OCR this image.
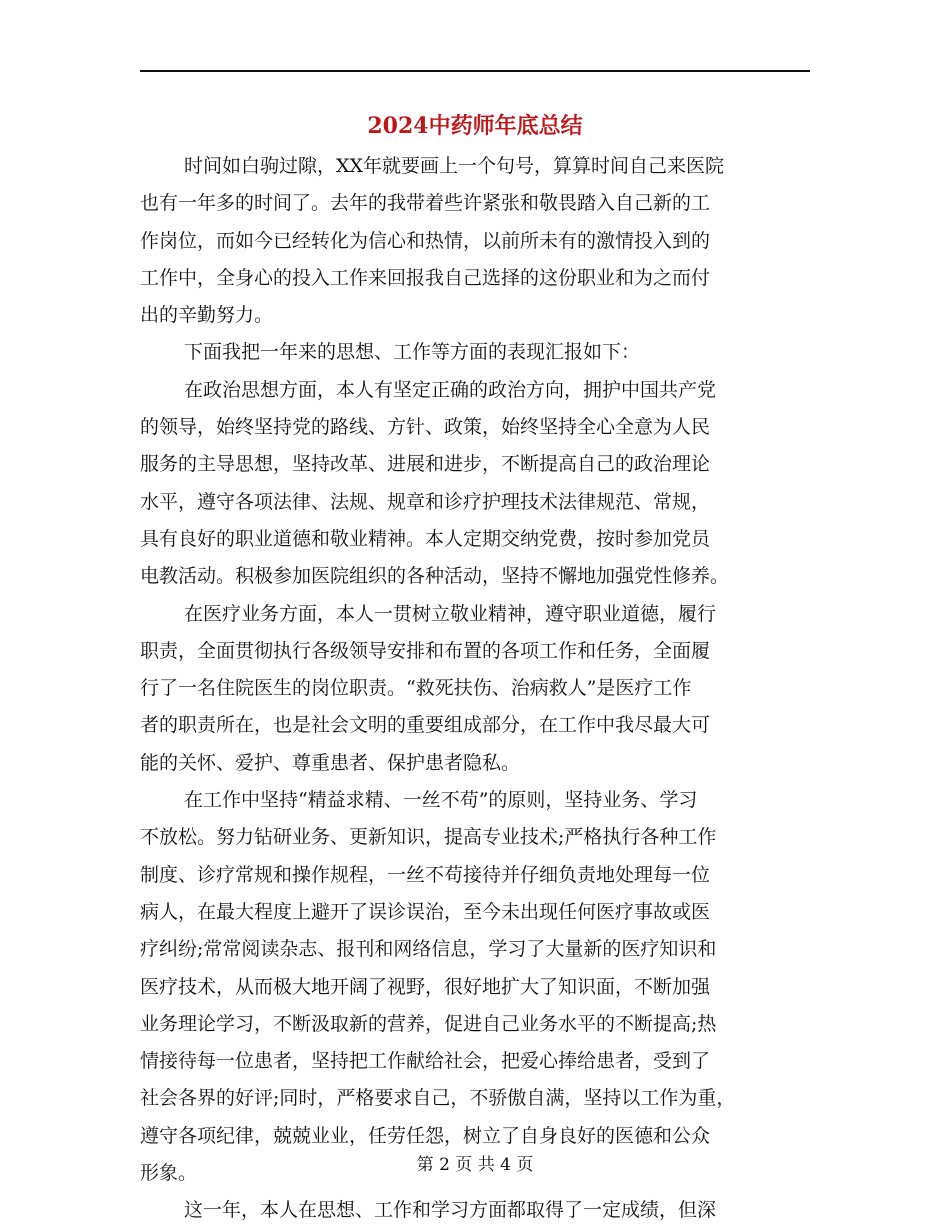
2024中药师年底总结
时间如白驹过隙，XX年就要画上一个句号，算算时间自己来医院
也有一年多的时间了。去年的我带着些许紧张和敬畏踏入自己新的工
作岗位，而如今已经转化为信心和热情，以前所未有的激情投入到的
工作中，全身心的投入工作来回报我自己选择的这份职业和为之而付
出的辛勤努力。
下面我把一年来的思想、工作等方面的表现汇报如下：
在政治思想方面，本人有坚定正确的政治方向，拥护中国共产党
的领导，始终坚持党的路线、方针、政策，始终坚持全心全意为人民
服务的主导思想，坚持改革、进展和进步，不断提高自己的政治理论
水平，遵守各项法律、法规、规章和诊疗护理技术法律规范、常规，
具有良好的职业道德和敬业精神。本人定期交纳党费，按时参加党员
电教活动。积极参加医院组织的各种活动，坚持不懈地加强党性修养。
在医疗业务方面，本人一贯树立敬业精神，遵守职业道德，履行
职责，全面贯彻执行各级领导安排和布置的各项工作和任务，全面履
行了一名住院医生的岗位职责。“救死扶伤、治病救人”是医疗工作
者的职责所在，也是社会文明的重要组成部分，在工作中我尽最大可
能的关怀、爱护、尊重患者、保护患者隐私。
在工作中坚持“精益求精、一丝不苟”的原则，坚持业务、学习
不放松。努力钻研业务、更新知识，提高专业技术;严格执行各种工作
制度、诊疗常规和操作规程，一丝不苟接待并仔细负责地处理每一位
病人，在最大程度上避开了误诊误治，至今未出现任何医疗事故或医
疗纠纷;常常阅读杂志、报刊和网络信息，学习了大量新的医疗知识和
医疗技术，从而极大地开阔了视野，很好地扩大了知识面，不断加强
业务理论学习，不断汲取新的营养，促进自己业务水平的不断提高;热
情接待每一位患者，坚持把工作献给社会，把爱心捧给患者，受到了
社会各界的好评;同时，严格要求自己，不骄傲自满，坚持以工作为重，
遵守各项纪律，兢兢业业，任劳任怨，树立了自身良好的医德和公众
形象。
这一年，本人在思想、工作和学习方面都取得了一定成绩，但深
第 2 页 共 4 页
